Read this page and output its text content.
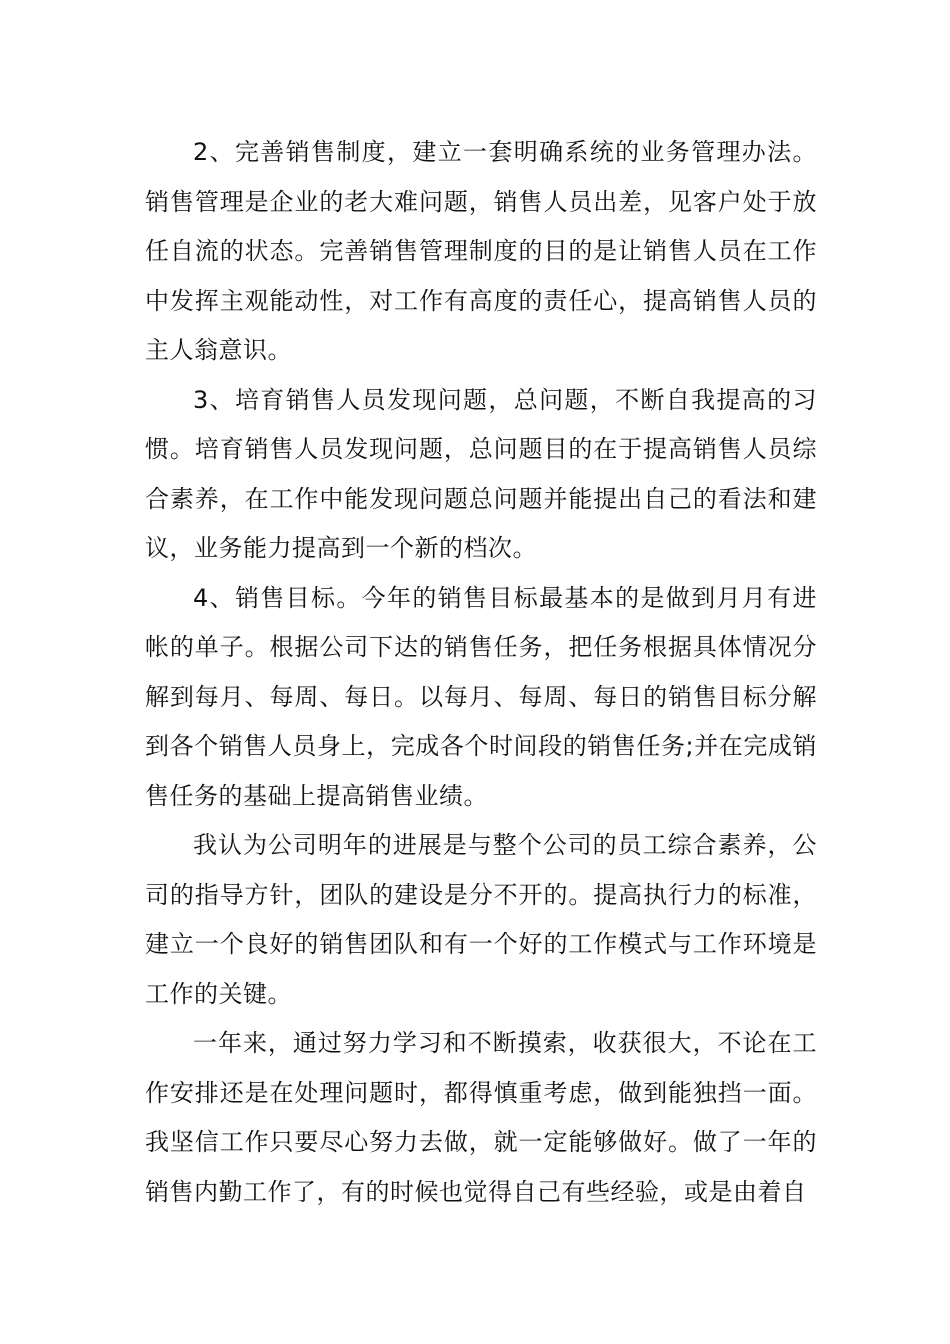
2、完善销售制度，建立一套明确系统的业务管理办法。销售管理是企业的老大难问题，销售人员出差，见客户处于放任自流的状态。完善销售管理制度的目的是让销售人员在工作中发挥主观能动性，对工作有高度的责任心，提高销售人员的主人翁意识。

3、培育销售人员发现问题，总问题，不断自我提高的习惯。培育销售人员发现问题，总问题目的在于提高销售人员综合素养，在工作中能发现问题总问题并能提出自己的看法和建议，业务能力提高到一个新的档次。

4、销售目标。今年的销售目标最基本的是做到月月有进帐的单子。根据公司下达的销售任务，把任务根据具体情况分解到每月、每周、每日。以每月、每周、每日的销售目标分解到各个销售人员身上，完成各个时间段的销售任务;并在完成销售任务的基础上提高销售业绩。

我认为公司明年的进展是与整个公司的员工综合素养，公司的指导方针，团队的建设是分不开的。提高执行力的标准，建立一个良好的销售团队和有一个好的工作模式与工作环境是工作的关键。

一年来，通过努力学习和不断摸索，收获很大，不论在工作安排还是在处理问题时，都得慎重考虑，做到能独挡一面。我坚信工作只要尽心努力去做，就一定能够做好。做了一年的销售内勤工作了，有的时候也觉得自己有些经验，或是由着自
